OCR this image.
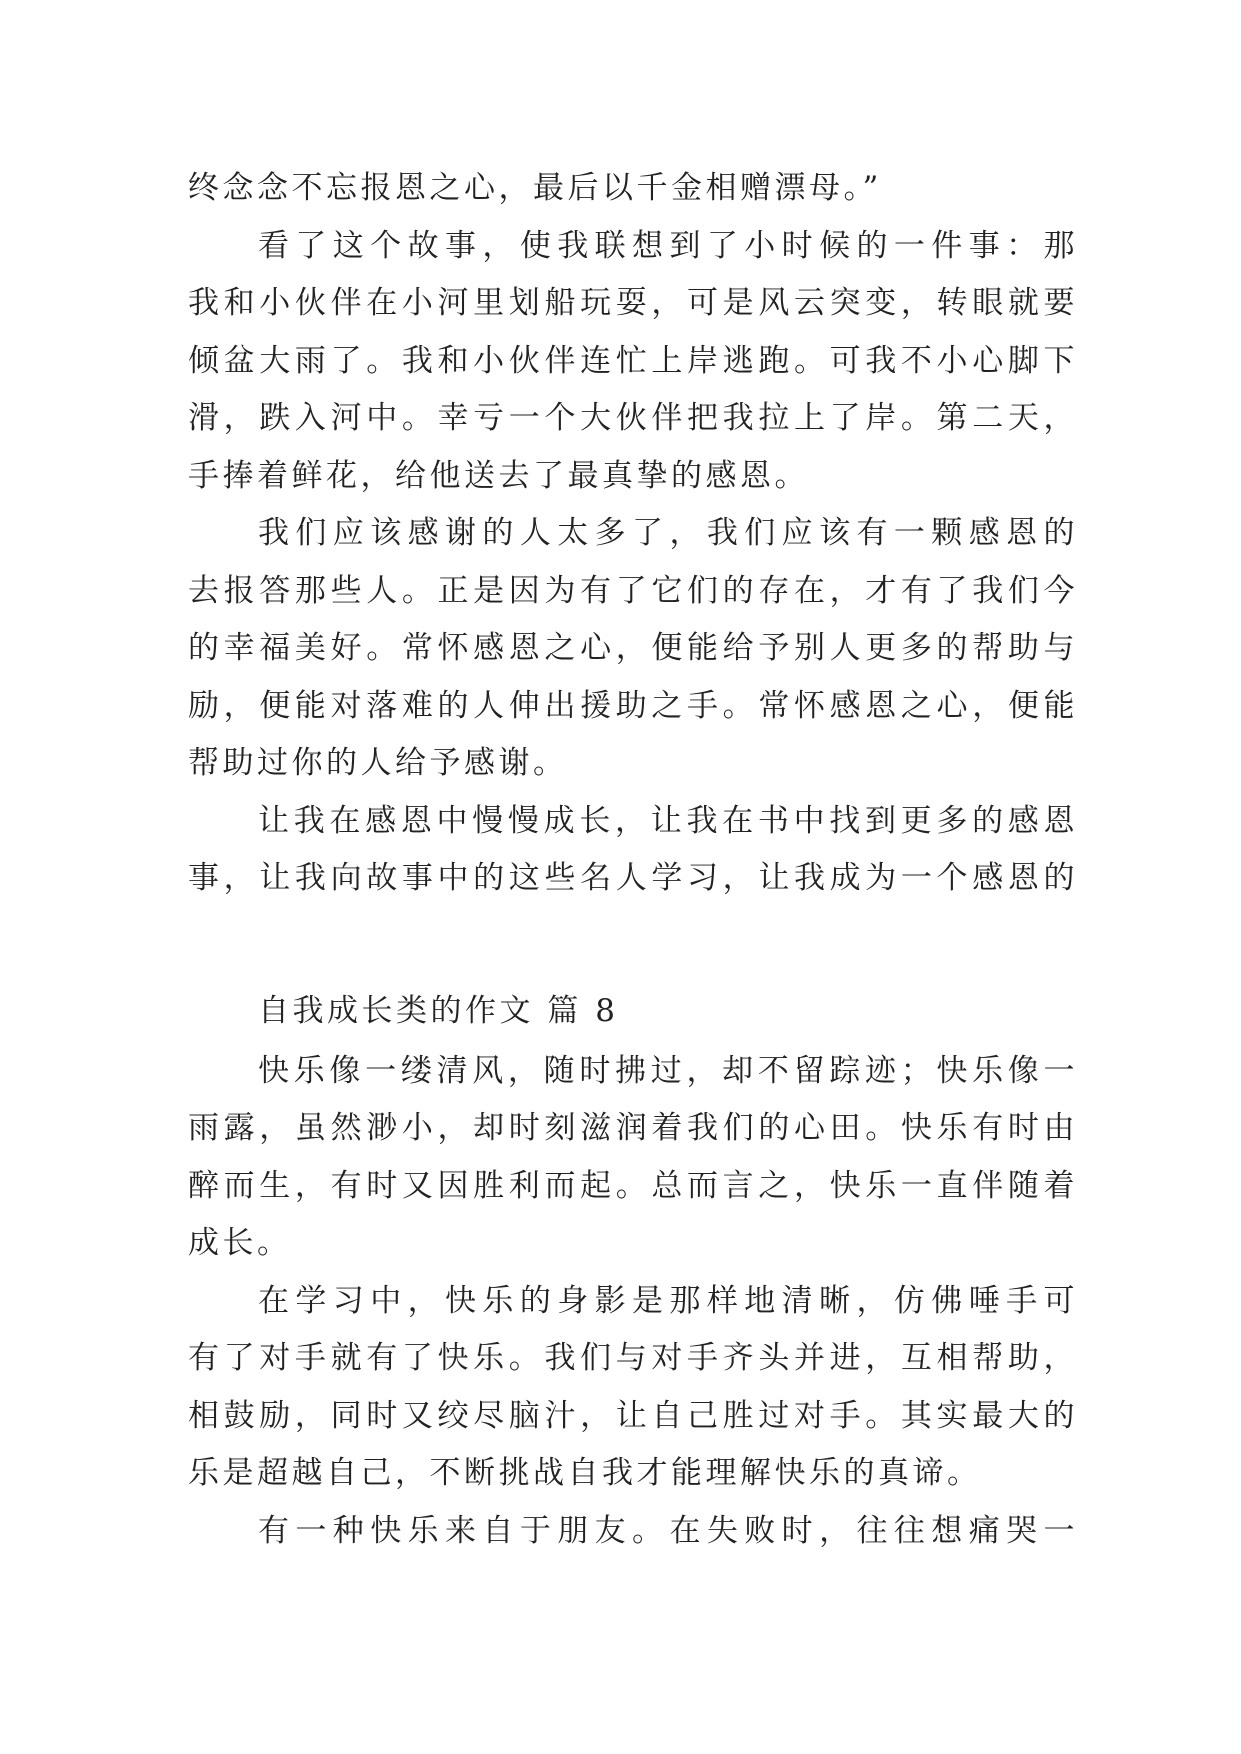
终念念不忘报恩之心，最后以千金相赠漂母。”
看了这个故事，使我联想到了小时候的一件事：那
我和小伙伴在小河里划船玩耍，可是风云突变，转眼就要
倾盆大雨了。我和小伙伴连忙上岸逃跑。可我不小心脚下
滑，跌入河中。幸亏一个大伙伴把我拉上了岸。第二天，
手捧着鲜花，给他送去了最真挚的感恩。
我们应该感谢的人太多了，我们应该有一颗感恩的
去报答那些人。正是因为有了它们的存在，才有了我们今
的幸福美好。常怀感恩之心，便能给予别人更多的帮助与
励，便能对落难的人伸出援助之手。常怀感恩之心，便能
帮助过你的人给予感谢。
让我在感恩中慢慢成长，让我在书中找到更多的感恩
事，让我向故事中的这些名人学习，让我成为一个感恩的
自我成长类的作文 篇 8
快乐像一缕清风，随时拂过，却不留踪迹；快乐像一
雨露，虽然渺小，却时刻滋润着我们的心田。快乐有时由
醉而生，有时又因胜利而起。总而言之，快乐一直伴随着
成长。
在学习中，快乐的身影是那样地清晰，仿佛唾手可
有了对手就有了快乐。我们与对手齐头并进，互相帮助，
相鼓励，同时又绞尽脑汁，让自己胜过对手。其实最大的
乐是超越自己，不断挑战自我才能理解快乐的真谛。
有一种快乐来自于朋友。在失败时，往往想痛哭一
